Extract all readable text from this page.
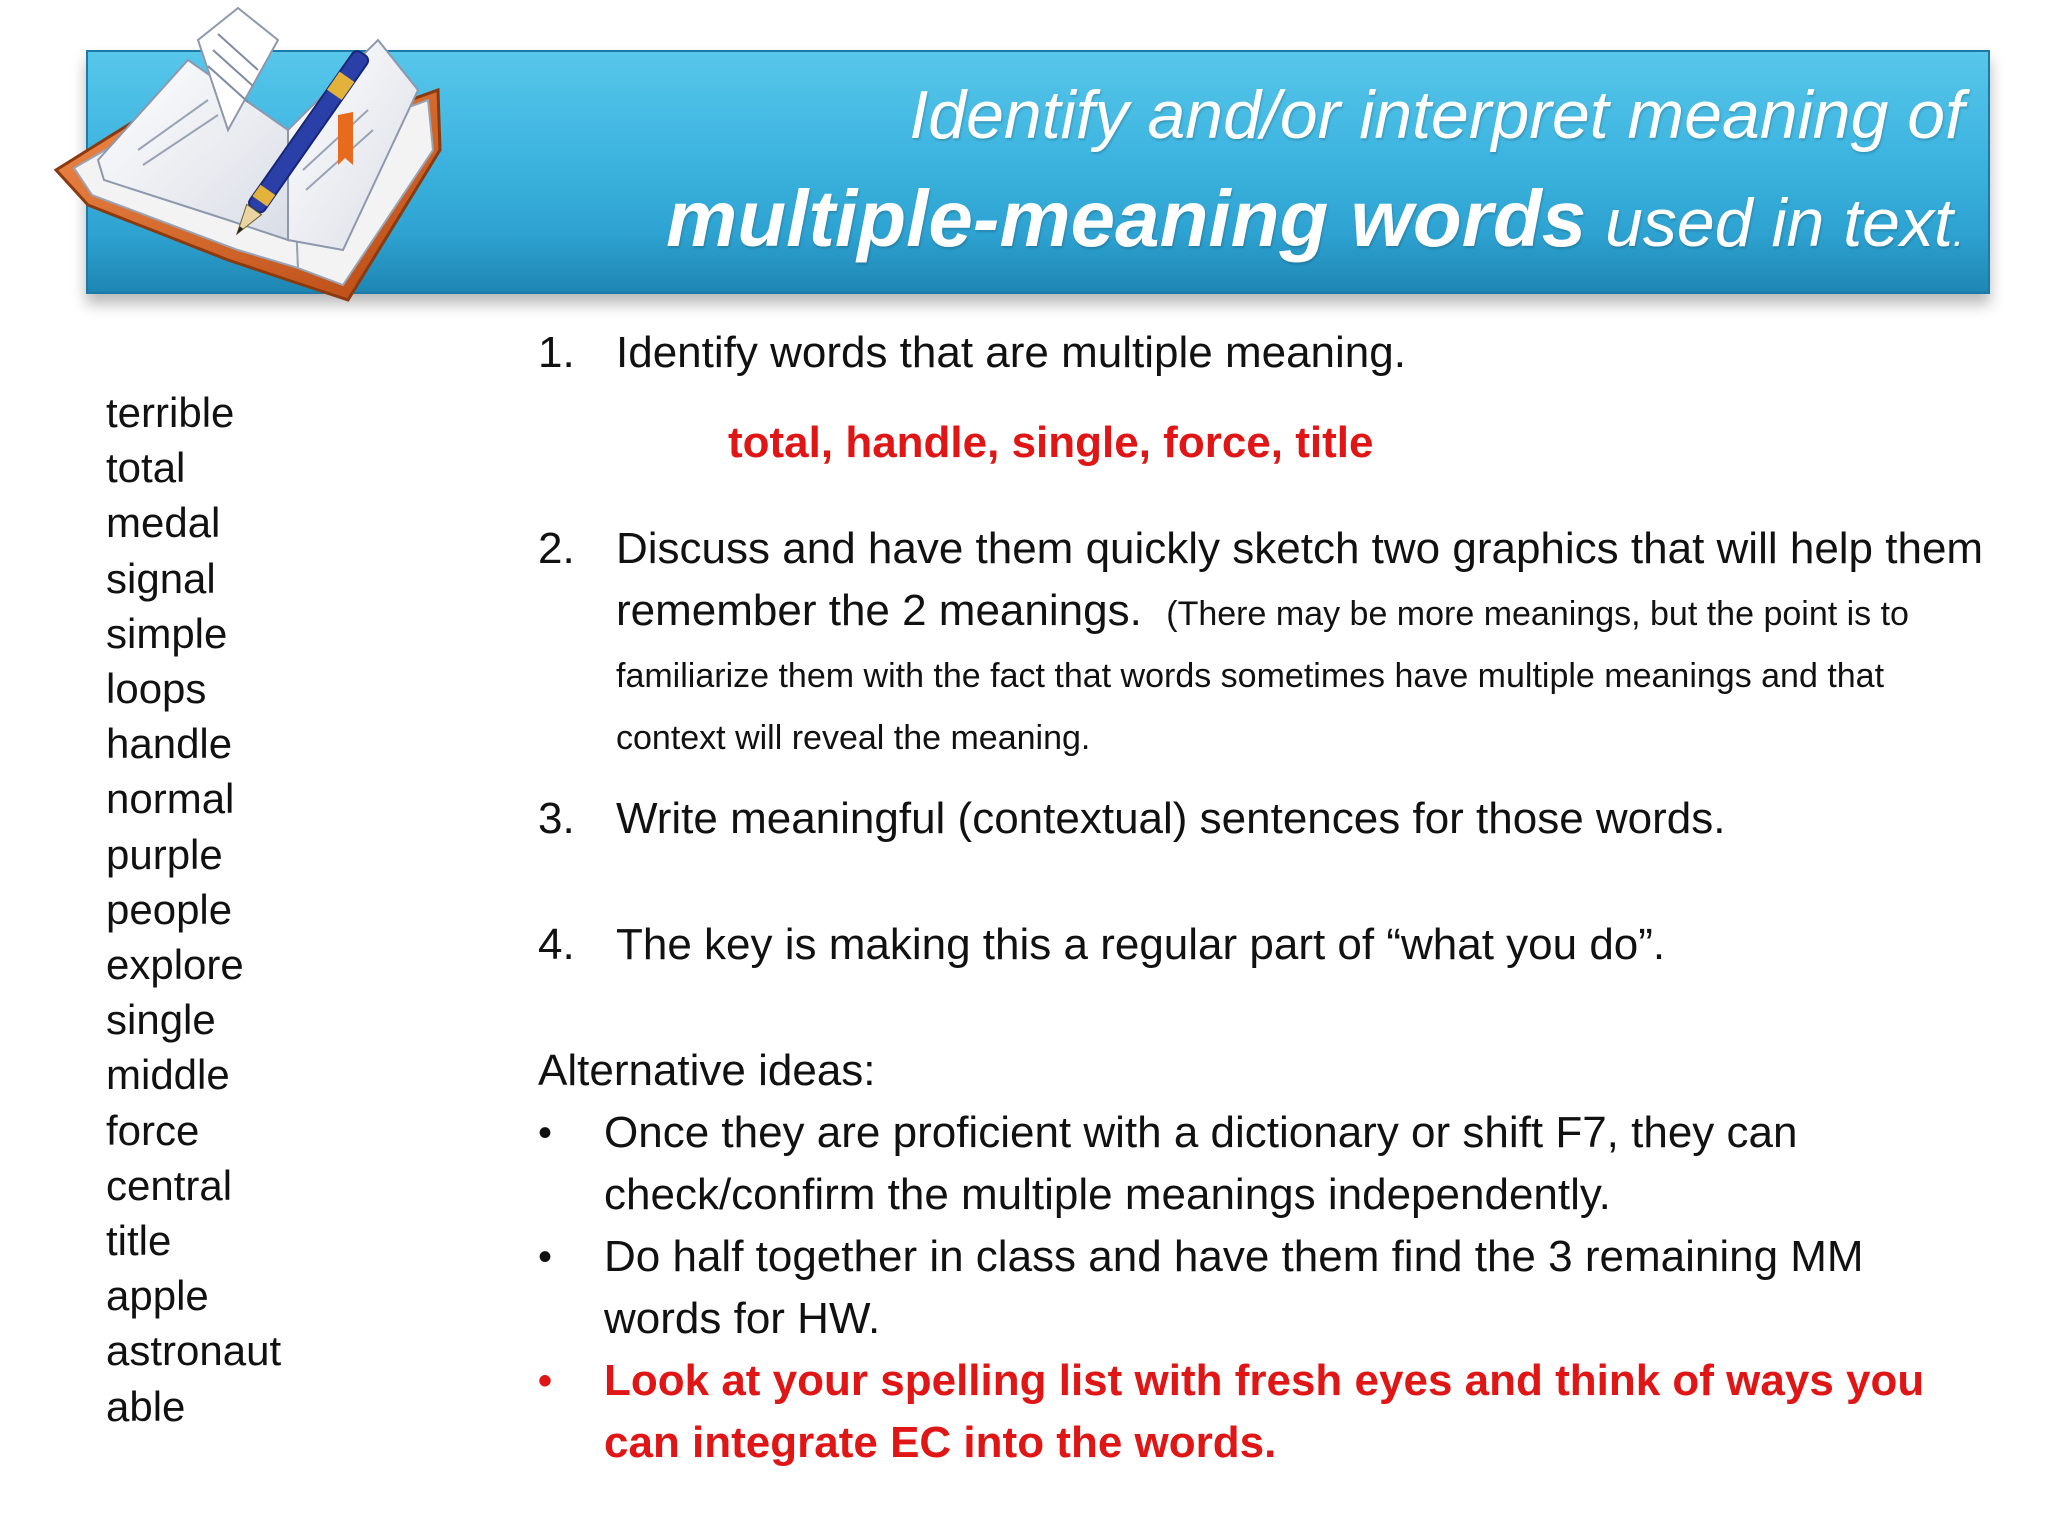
Identify and/or interpret meaning of
multiple-meaning words used in text.
terrible
total
medal
signal
simple
loops
handle
normal
purple
people
explore
single
middle
force
central
title
apple
astronaut
able
1. Identify words that are multiple meaning.
total, handle, single, force, title
2. Discuss and have them quickly sketch two graphics that will help them remember the 2 meanings. (There may be more meanings, but the point is to familiarize them with the fact that words sometimes have multiple meanings and that context will reveal the meaning.
3. Write meaningful (contextual) sentences for those words.
4. The key is making this a regular part of “what you do”.
Alternative ideas:
• Once they are proficient with a dictionary or shift F7, they can check/confirm the multiple meanings independently.
• Do half together in class and have them find the 3 remaining MM words for HW.
• Look at your spelling list with fresh eyes and think of ways you can integrate EC into the words.
